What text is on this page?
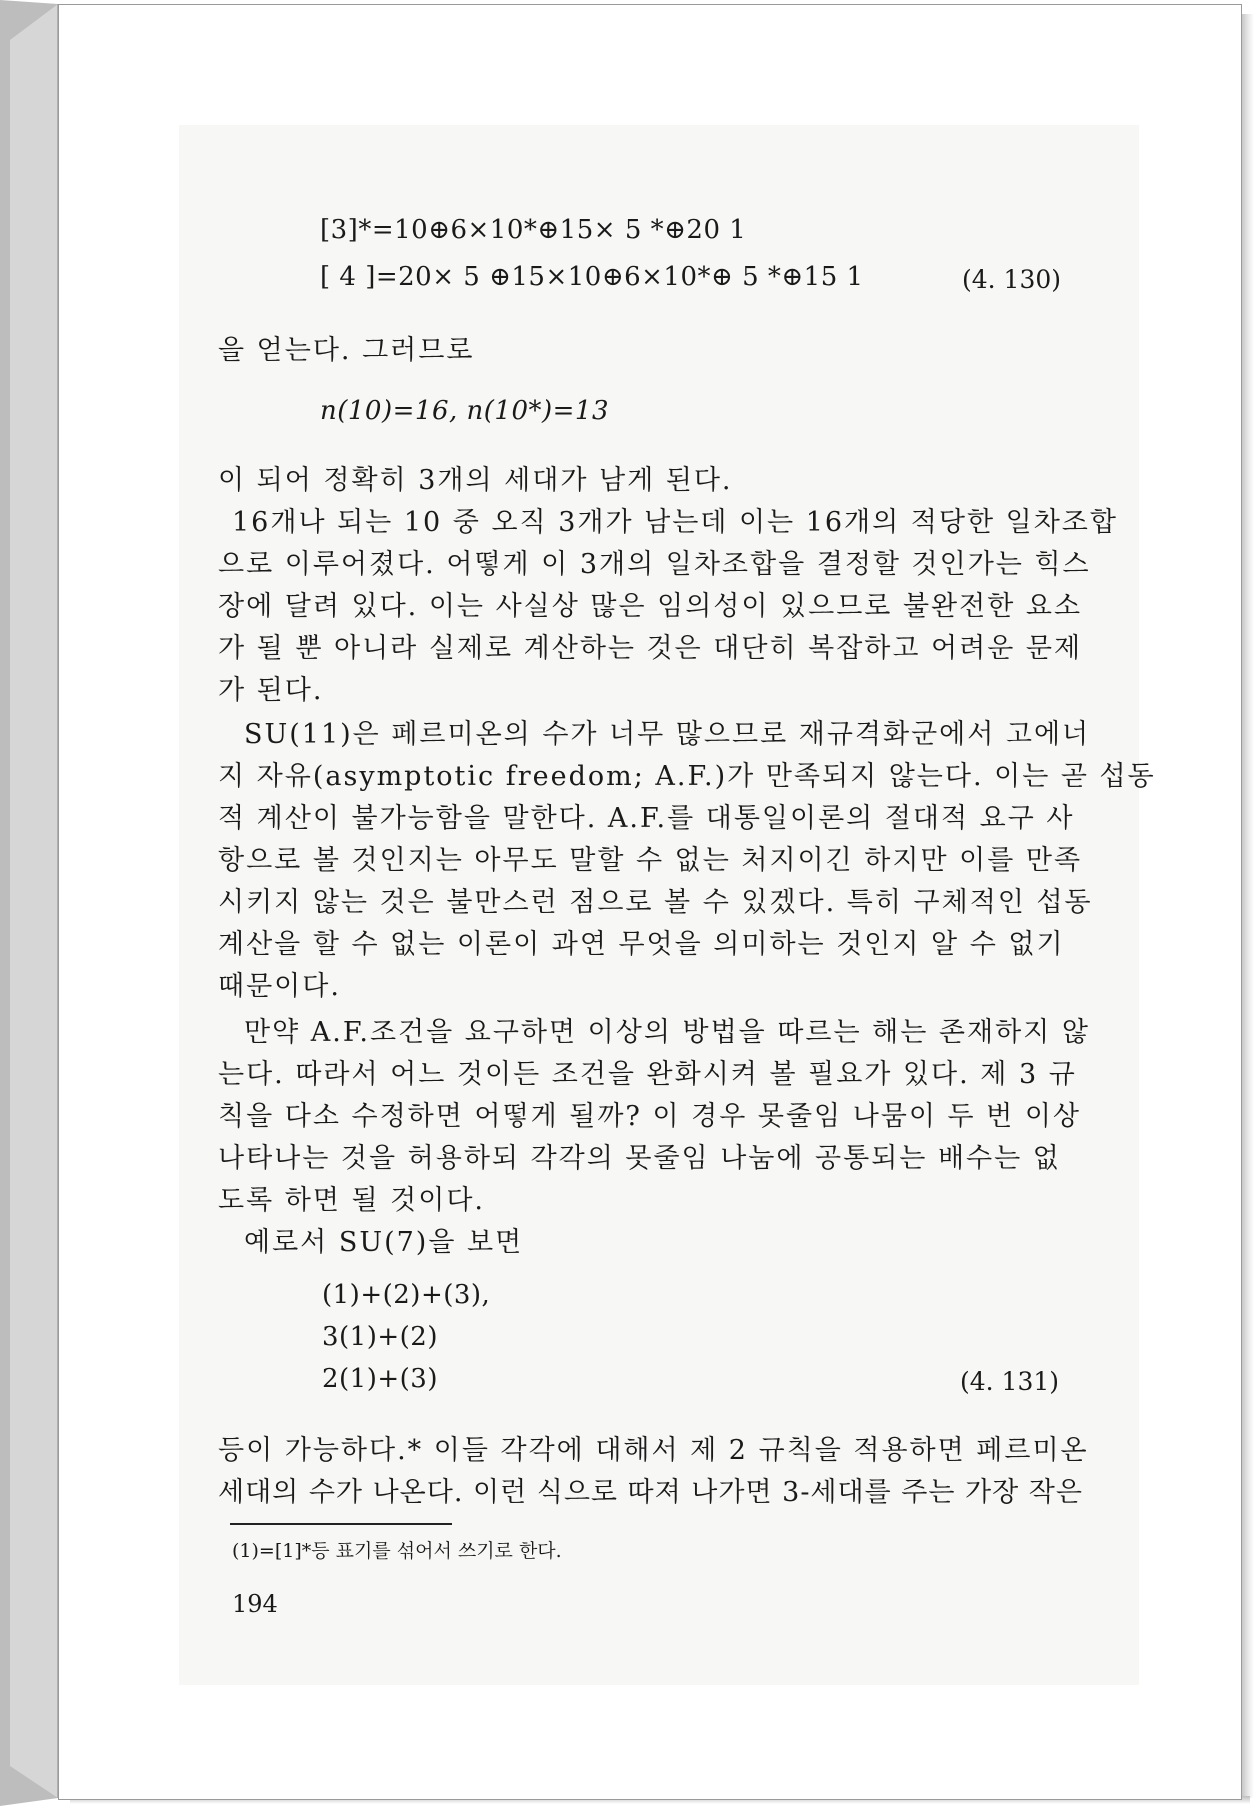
[3]*=10⊕6×10*⊕15× 5 *⊕20 1
[ 4 ]=20× 5 ⊕15×10⊕6×10*⊕ 5 *⊕15 1	(4. 130)
을 얻는다. 그러므로
n(10)=16, n(10*)=13
이 되어 정확히 3개의 세대가 남게 된다.
16개나 되는 10 중 오직 3개가 남는데 이는 16개의 적당한 일차조합
으로 이루어졌다. 어떻게 이 3개의 일차조합을 결정할 것인가는 힉스
장에 달려 있다. 이는 사실상 많은 임의성이 있으므로 불완전한 요소
가 될 뿐 아니라 실제로 계산하는 것은 대단히 복잡하고 어려운 문제
가 된다.
SU(11)은 페르미온의 수가 너무 많으므로 재규격화군에서 고에너
지 자유(asymptotic freedom; A.F.)가 만족되지 않는다. 이는 곧 섭동
적 계산이 불가능함을 말한다. A.F.를 대통일이론의 절대적 요구 사
항으로 볼 것인지는 아무도 말할 수 없는 처지이긴 하지만 이를 만족
시키지 않는 것은 불만스런 점으로 볼 수 있겠다. 특히 구체적인 섭동
계산을 할 수 없는 이론이 과연 무엇을 의미하는 것인지 알 수 없기
때문이다.
만약 A.F.조건을 요구하면 이상의 방법을 따르는 해는 존재하지 않
는다. 따라서 어느 것이든 조건을 완화시켜 볼 필요가 있다. 제 3 규
칙을 다소 수정하면 어떻게 될까? 이 경우 못줄임 나뭄이 두 번 이상
나타나는 것을 허용하되 각각의 못줄임 나눔에 공통되는 배수는 없
도록 하면 될 것이다.
예로서 SU(7)을 보면
(1)+(2)+(3),
3(1)+(2)
2(1)+(3)	(4. 131)
등이 가능하다.* 이들 각각에 대해서 제 2 규칙을 적용하면 페르미온
세대의 수가 나온다. 이런 식으로 따져 나가면 3-세대를 주는 가장 작은
(1)=[1]*등 표기를 섞어서 쓰기로 한다.
194
